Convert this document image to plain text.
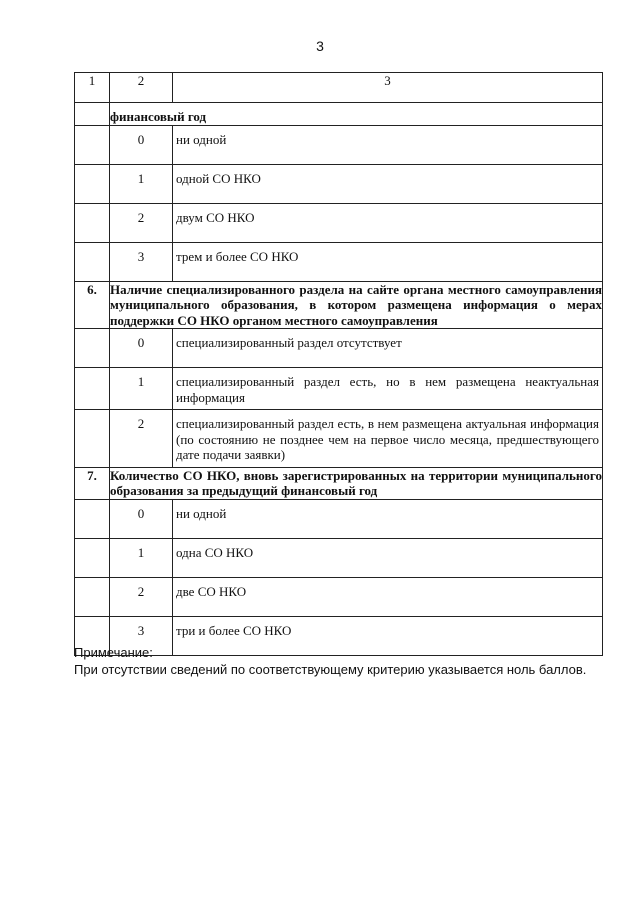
3
1	2	3
	финансовый год	
	0	ни одной
	1	одной СО НКО
	2	двум СО НКО
	3	трем и более СО НКО
6.	Наличие специализированного раздела на сайте органа местного самоуправления муниципального образования, в котором размещена информация о мерах поддержки СО НКО органом местного самоуправления	
	0	специализированный раздел отсутствует
	1	специализированный раздел есть, но в нем размещена неактуальная информация
	2	специализированный раздел есть, в нем размещена актуальная информация (по состоянию не позднее чем на первое число месяца, предшествующего дате подачи заявки)
7.	Количество СО НКО, вновь зарегистрированных на территории муниципального образования за предыдущий финансовый год	
	0	ни одной
	1	одна СО НКО
	2	две СО НКО
	3	три и более СО НКО

Примечание:

При отсутствии сведений по соответствующему критерию указывается ноль баллов.
